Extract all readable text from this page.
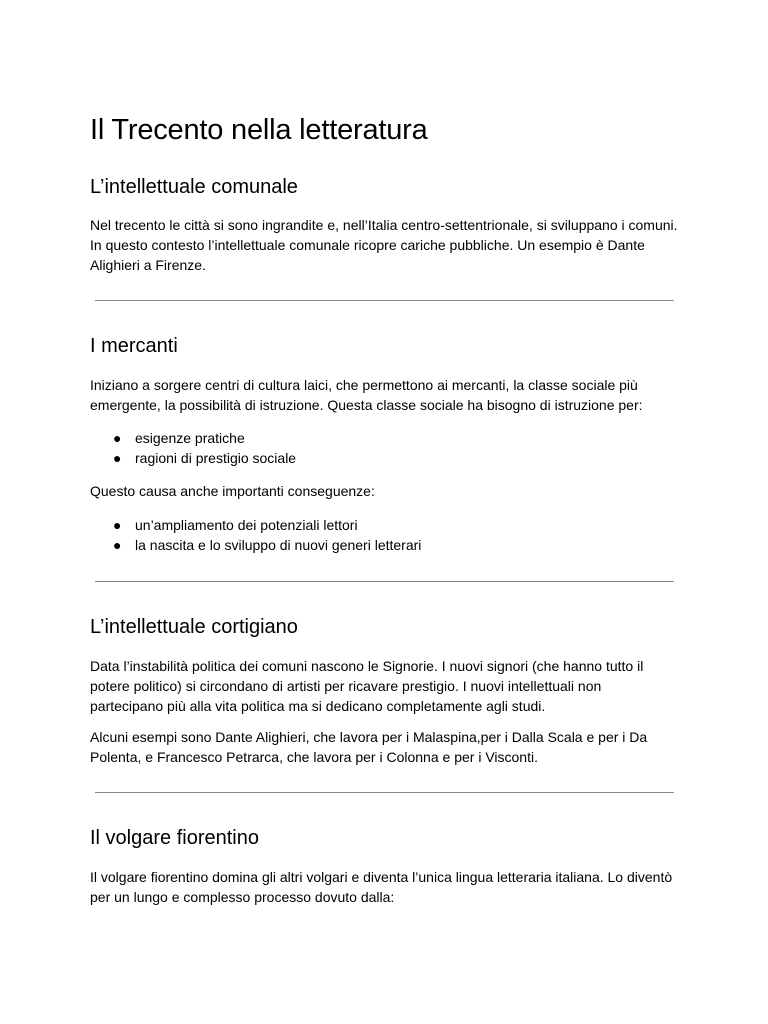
Il Trecento nella letteratura
L’intellettuale comunale

Nel trecento le città si sono ingrandite e, nell’Italia centro-settentrionale, si sviluppano i comuni. In questo contesto l’intellettuale comunale ricopre cariche pubbliche. Un esempio è Dante Alighieri a Firenze.

I mercanti

Iniziano a sorgere centri di cultura laici, che permettono ai mercanti, la classe sociale più emergente, la possibilità di istruzione. Questa classe sociale ha bisogno di istruzione per:

● esigenze pratiche
● ragioni di prestigio sociale

Questo causa anche importanti conseguenze:

● un’ampliamento dei potenziali lettori
● la nascita e lo sviluppo di nuovi generi letterari
L’intellettuale cortigiano

Data l’instabilità politica dei comuni nascono le Signorie. I nuovi signori (che hanno tutto il potere politico) si circondano di artisti per ricavare prestigio. I nuovi intellettuali non partecipano più alla vita politica ma si dedicano completamente agli studi.

Alcuni esempi sono Dante Alighieri, che lavora per i Malaspina,per i Dalla Scala e per i Da Polenta, e Francesco Petrarca, che lavora per i Colonna e per i Visconti.

Il volgare fiorentino

Il volgare fiorentino domina gli altri volgari e diventa l’unica lingua letteraria italiana. Lo diventò per un lungo e complesso processo dovuto dalla:
